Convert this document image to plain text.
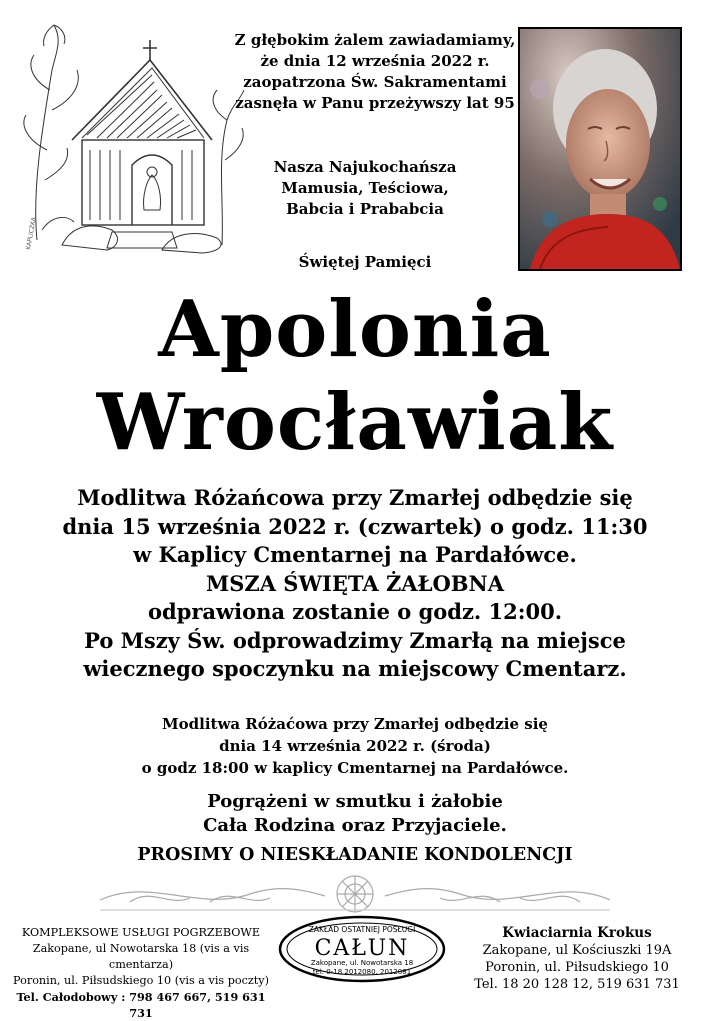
KAPLICZKA
Z głębokim żalem zawiadamiamy,
że dnia 12 września 2022 r.
zaopatrzona Św. Sakramentami
zasnęła w Panu przeżywszy lat 95
Nasza Najukochańsza
Mamusia, Teściowa,
Babcia i Prababcia
Świętej Pamięci
Apolonia
Wrocławiak
Modlitwa Różańcowa przy Zmarłej odbędzie się
dnia 15 września 2022 r. (czwartek) o godz. 11:30
w Kaplicy Cmentarnej na Pardałówce.
MSZA ŚWIĘTA ŻAŁOBNA
odprawiona zostanie o godz. 12:00.
Po Mszy Św. odprowadzimy Zmarłą na miejsce
wiecznego spoczynku na miejscowy Cmentarz.
Modlitwa Różaćowa przy Zmarłej odbędzie się
dnia 14 września 2022 r. (środa)
o godz 18:00 w kaplicy Cmentarnej na Pardałówce.
Pogrążeni w smutku i żałobie
Cała Rodzina oraz Przyjaciele.
PROSIMY O NIESKŁADANIE KONDOLENCJI
KOMPLEKSOWE USŁUGI POGRZEBOWE
Zakopane, ul Nowotarska 18 (vis a vis cmentarza)
Poronin, ul. Piłsudskiego 10 (vis a vis poczty)
Tel. Całodobowy : 798 467 667, 519 631 731
ZAKŁAD OSTATNIEJ POSŁUGI
CAŁUN
Zakopane, ul. Nowotarska 18
tel. 0-18 2012080, 2012081
Kwiaciarnia Krokus
Zakopane, ul Kościuszki 19A
Poronin, ul. Piłsudskiego 10
Tel. 18 20 128 12, 519 631 731
